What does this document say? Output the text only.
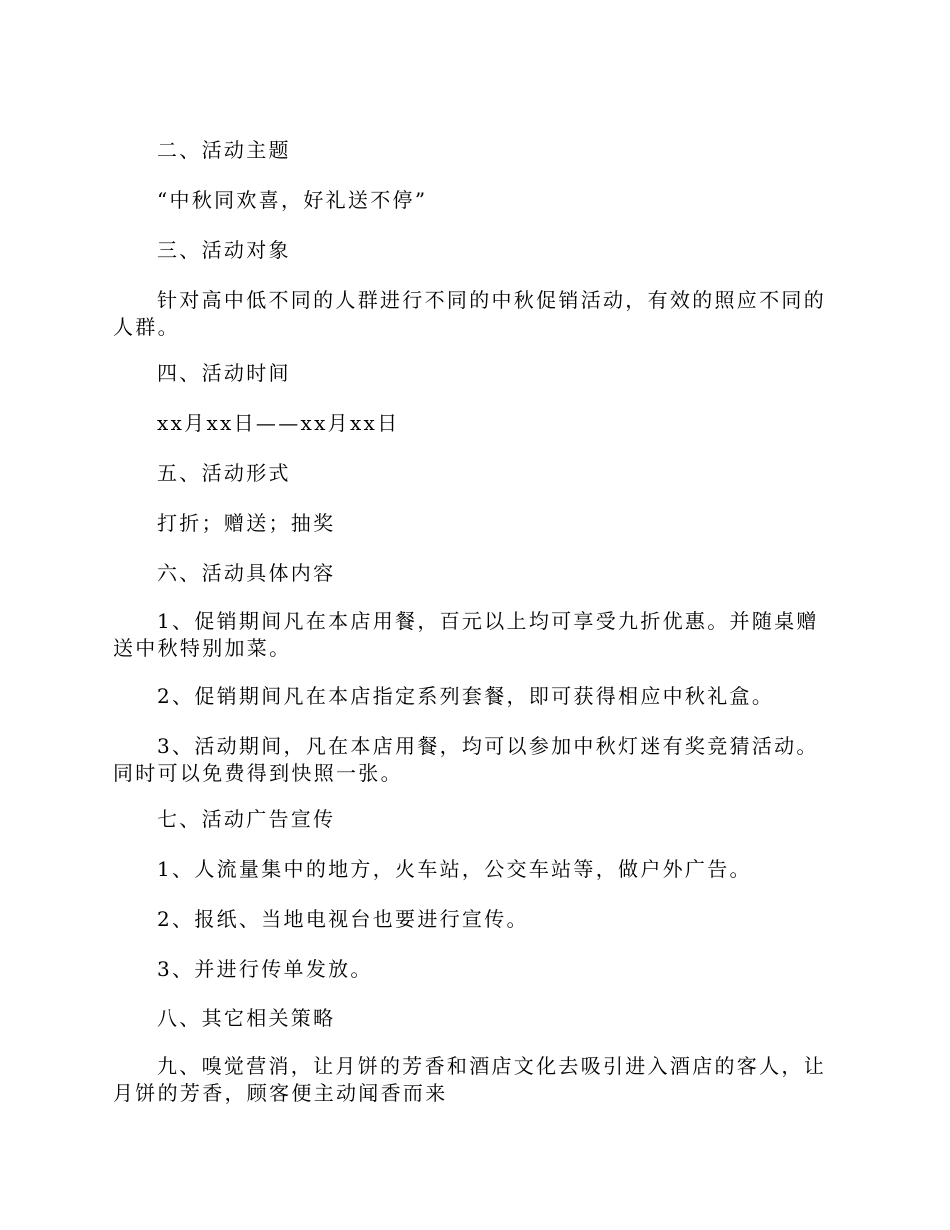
二、活动主题

“中秋同欢喜，好礼送不停”

三、活动对象

针对高中低不同的人群进行不同的中秋促销活动，有效的照应不同的人群。

四、活动时间

xx月xx日——xx月xx日

五、活动形式

打折；赠送；抽奖

六、活动具体内容

1、促销期间凡在本店用餐，百元以上均可享受九折优惠。并随桌赠送中秋特别加菜。

2、促销期间凡在本店指定系列套餐，即可获得相应中秋礼盒。

3、活动期间，凡在本店用餐，均可以参加中秋灯迷有奖竞猜活动。同时可以免费得到快照一张。

七、活动广告宣传

1、人流量集中的地方，火车站，公交车站等，做户外广告。

2、报纸、当地电视台也要进行宣传。

3、并进行传单发放。

八、其它相关策略

九、嗅觉营消，让月饼的芳香和酒店文化去吸引进入酒店的客人，让月饼的芳香，顾客便主动闻香而来
